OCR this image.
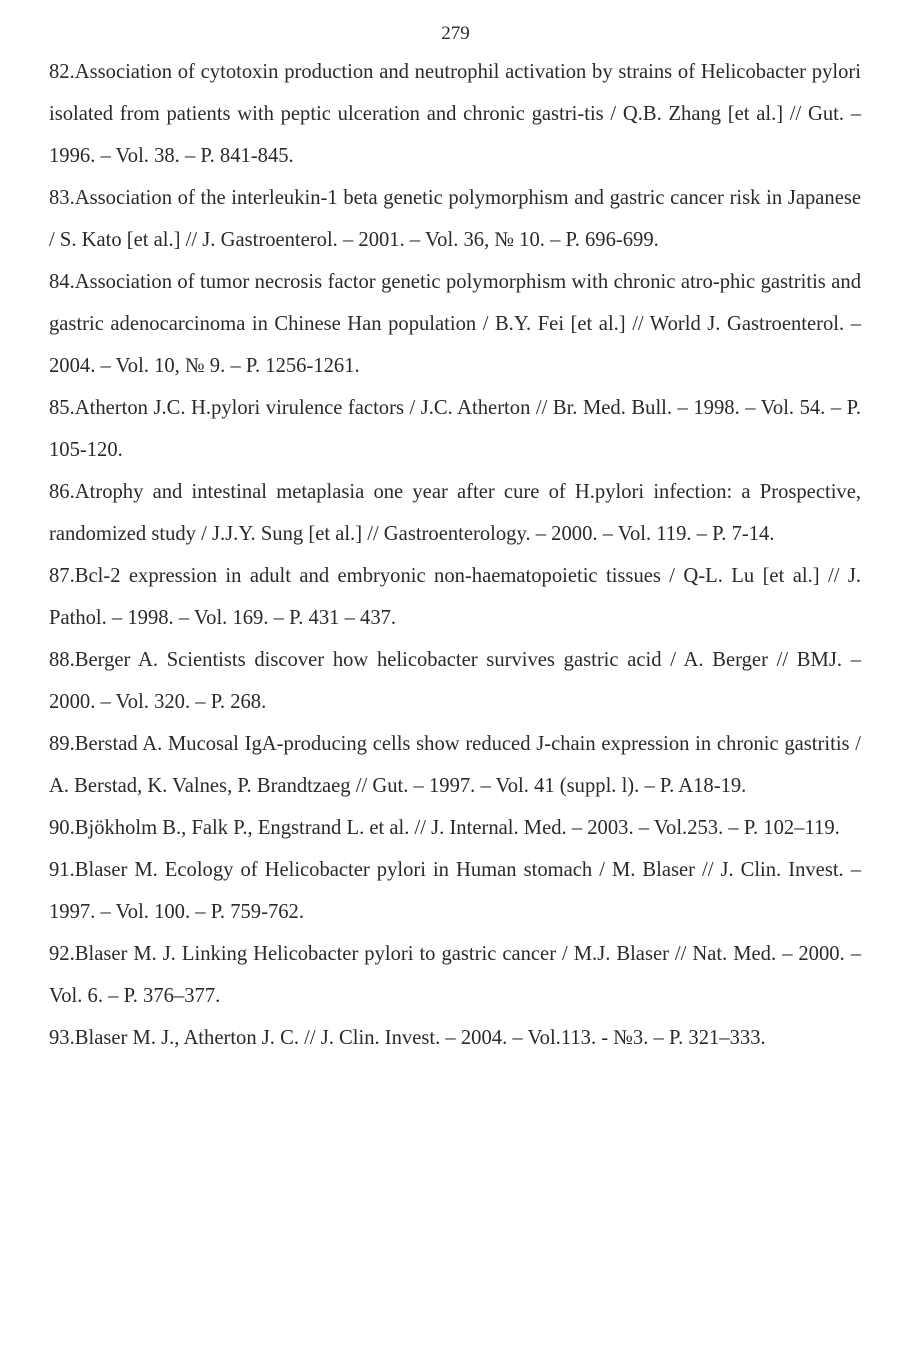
279

82.Association of cytotoxin production and neutrophil activation by strains of Helicobacter pylori isolated from patients with peptic ulceration and chronic gastri-tis / Q.B. Zhang [et al.] // Gut. – 1996. – Vol. 38. – P. 841-845.

83.Association of the interleukin-1 beta genetic polymorphism and gastric cancer risk in Japanese / S. Kato [et al.] // J. Gastroenterol. – 2001. – Vol. 36, № 10. – P. 696-699.

84.Association of tumor necrosis factor genetic polymorphism with chronic atro-phic gastritis and gastric adenocarcinoma in Chinese Han population / B.Y. Fei [et al.] // World J. Gastroenterol. – 2004. – Vol. 10, № 9. – P. 1256-1261.

85.Atherton J.C. H.pylori virulence factors / J.C. Atherton // Br. Med. Bull. – 1998. – Vol. 54. – P. 105-120.

86.Atrophy and intestinal metaplasia one year after cure of H.pylori infection: a Prospective, randomized study / J.J.Y. Sung [et al.] // Gastroenterology. – 2000. – Vol. 119. – P. 7-14.

87.Bcl-2 expression in adult and embryonic non-haematopoietic tissues / Q-L. Lu [et al.] // J. Pathol. – 1998. – Vol. 169. – P. 431 – 437.

88.Berger A. Scientists discover how helicobacter survives gastric acid / A. Berger // BMJ. – 2000. – Vol. 320. – P. 268.

89.Berstad A. Mucosal IgA-producing cells show reduced J-chain expression in chronic gastritis / A. Berstad, K. Valnes, P. Brandtzaeg // Gut. – 1997. – Vol. 41 (suppl. l). – P. A18-19.

90.Bjӧkholm B., Falk P., Engstrand L. et al. // J. Internal. Med. – 2003. – Vol.253. – P. 102–119.

91.Blaser M. Ecology of Helicobacter pylori in Human stomach / M. Blaser // J. Clin. Invest. – 1997. – Vol. 100. – P. 759-762.

92.Blaser M. J. Linking Helicobacter pylori to gastric cancer / M.J. Blaser // Nat. Med. – 2000. – Vol. 6. – P. 376–377.

93.Blaser M. J., Atherton J. C. // J. Clin. Invest. – 2004. – Vol.113. - №3. – P. 321–333.
